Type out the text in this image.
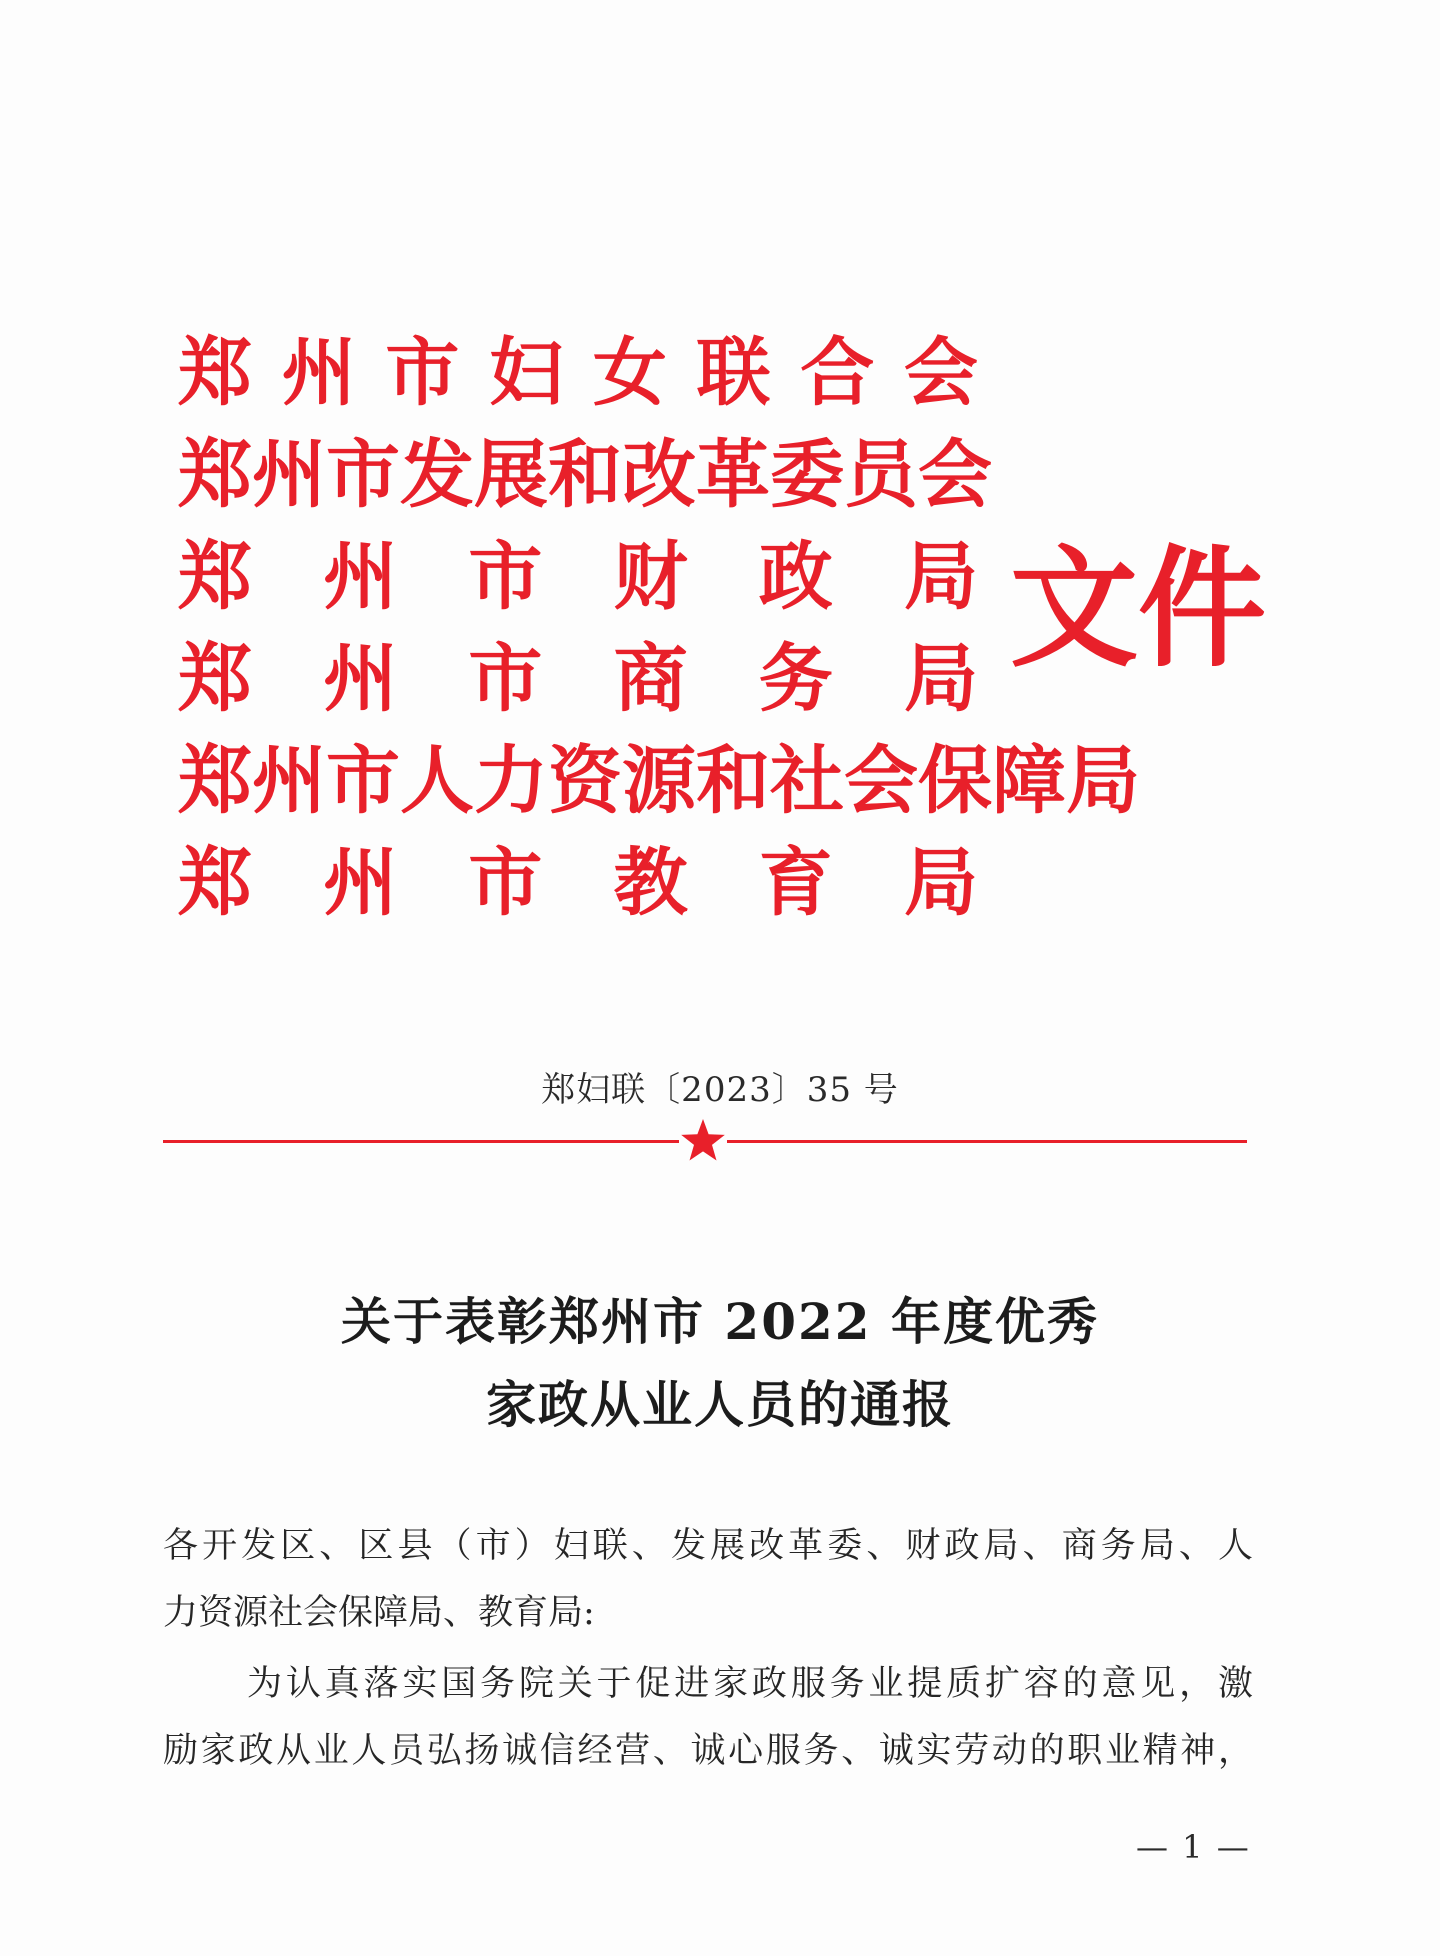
郑 州 市 妇 女 联 合 会
郑 州 市 发 展 和 改 革 委 员 会
郑 州 市 财 政 局
郑 州 市 商 务 局
郑 州 市 人 力 资 源 和 社 会 保 障 局
郑 州 市 教 育 局
文件
郑妇联〔2023〕35 号
关于表彰郑州市 2022 年度优秀
家政从业人员的通报
各开发区、区县（市）妇联、发展改革委、财政局、商务局、人
力资源社会保障局、教育局:
为认真落实国务院关于促进家政服务业提质扩容的意见，激
励家政从业人员弘扬诚信经营、诚心服务、诚实劳动的职业精神，
— 1 —
